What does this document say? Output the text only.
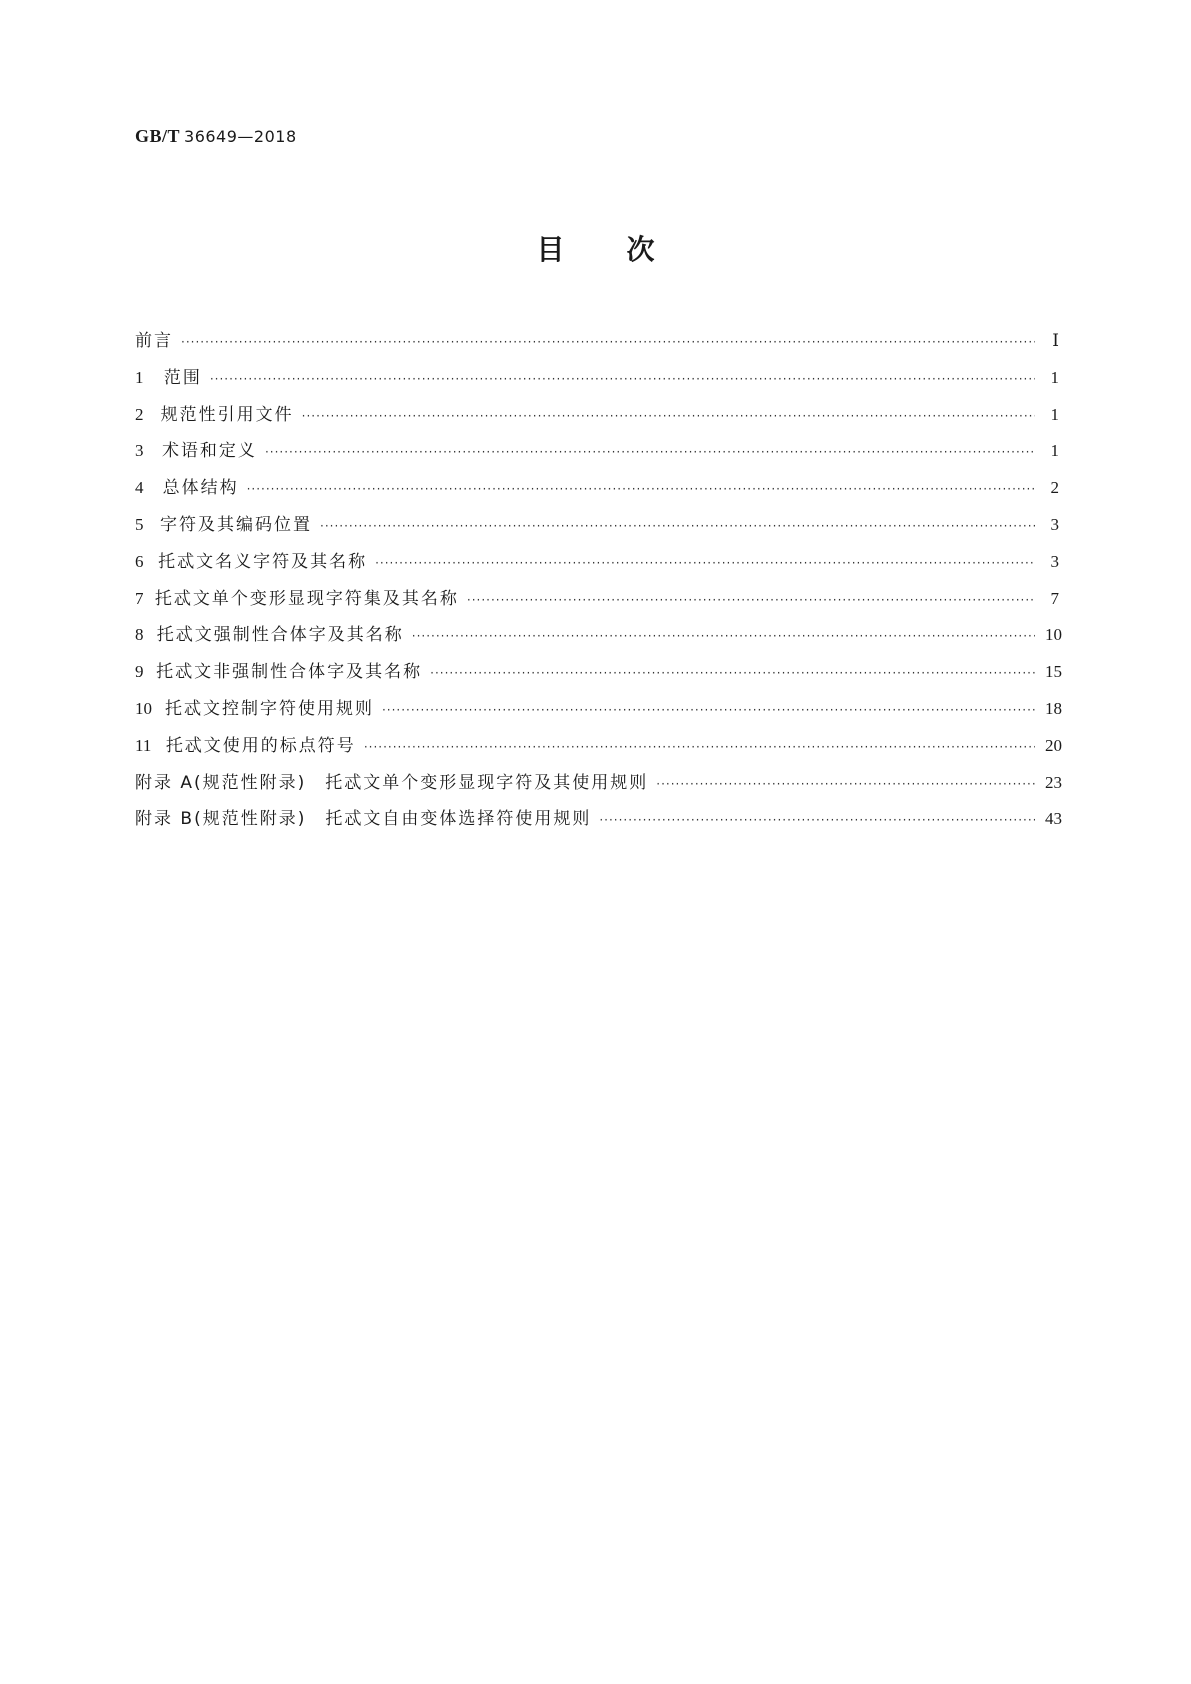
GB/T 36649—2018
目 次
前言 ·····	Ⅰ
1	范围 ·····	1
2	规范性引用文件 ·····	1
3	术语和定义 ·····	1
4	总体结构 ·····	2
5 字符及其编码位置 ·····	3
6 托忒文名义字符及其名称 ·····	3
7 托忒文单个变形显现字符集及其名称 ·····	7
8 托忒文强制性合体字及其名称 ·····	10
9 托忒文非强制性合体字及其名称 ·····	15
10 托忒文控制字符使用规则 ·····	18
11 托忒文使用的标点符号 ·····	20
附录 A(规范性附录)　托忒文单个变形显现字符及其使用规则 ·····	23
附录 B(规范性附录)　托忒文自由变体选择符使用规则 ·····	43
